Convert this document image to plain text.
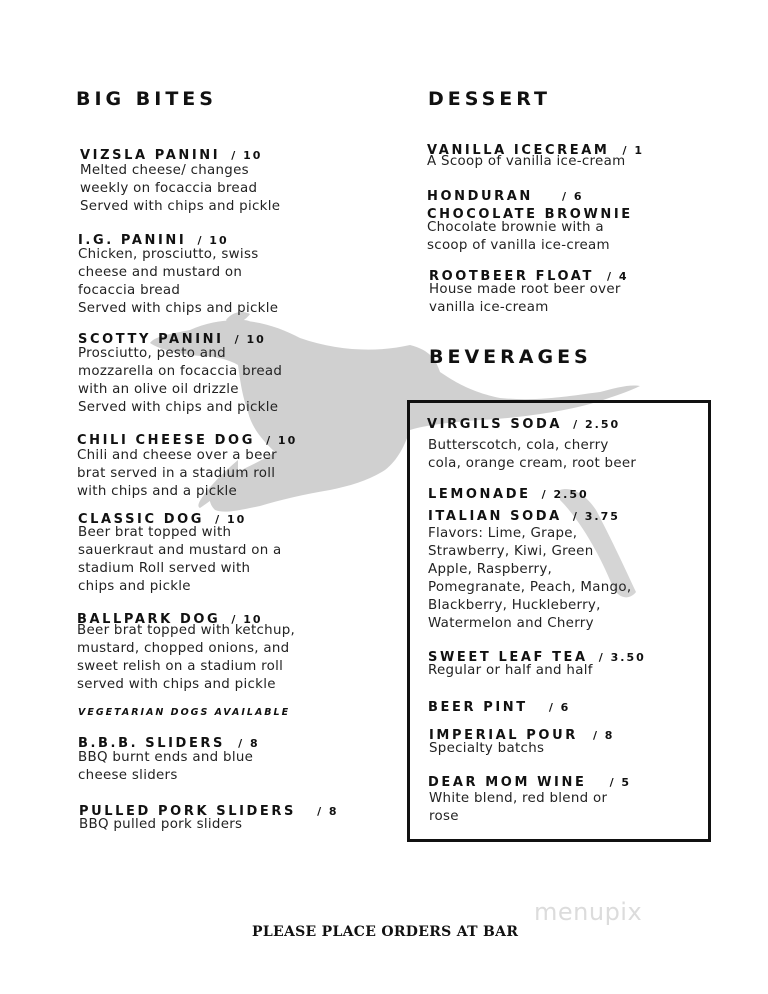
BIG BITES
VIZSLA PANINI / 10
Melted cheese/ changes
weekly on focaccia bread
Served with chips and pickle
I.G. PANINI / 10
Chicken, prosciutto, swiss
cheese and mustard on
focaccia bread
Served with chips and pickle
SCOTTY PANINI / 10
Prosciutto, pesto and
mozzarella on focaccia bread
with an olive oil drizzle
Served with chips and pickle
CHILI CHEESE DOG / 10
Chili and cheese over a beer
brat served in a stadium roll
with chips and a pickle
CLASSIC DOG / 10
Beer brat topped with
sauerkraut and mustard on a
stadium Roll served with
chips and pickle
BALLPARK DOG / 10
Beer brat topped with ketchup,
mustard, chopped onions, and
sweet relish on a stadium roll
served with chips and pickle
VEGETARIAN DOGS AVAILABLE
B.B.B. SLIDERS / 8
BBQ burnt ends and blue
cheese sliders
PULLED PORK SLIDERS / 8
BBQ pulled pork sliders
DESSERT
VANILLA ICECREAM / 1
A Scoop of vanilla ice-cream
HONDURAN	/ 6
CHOCOLATE BROWNIE
Chocolate brownie with a
scoop of vanilla ice-cream
ROOTBEER FLOAT / 4
House made root beer over
vanilla ice-cream
BEVERAGES
VIRGILS SODA / 2.50
Butterscotch, cola, cherry
cola, orange cream, root beer
LEMONADE / 2.50
ITALIAN SODA / 3.75
Flavors: Lime, Grape,
Strawberry, Kiwi, Green
Apple, Raspberry,
Pomegranate, Peach, Mango,
Blackberry, Huckleberry,
Watermelon and Cherry
SWEET LEAF TEA / 3.50
Regular or half and half
BEER PINT / 6
IMPERIAL POUR / 8
Specialty batchs
DEAR MOM WINE / 5
White blend, red blend or
rose
menupix
PLEASE PLACE ORDERS AT BAR
